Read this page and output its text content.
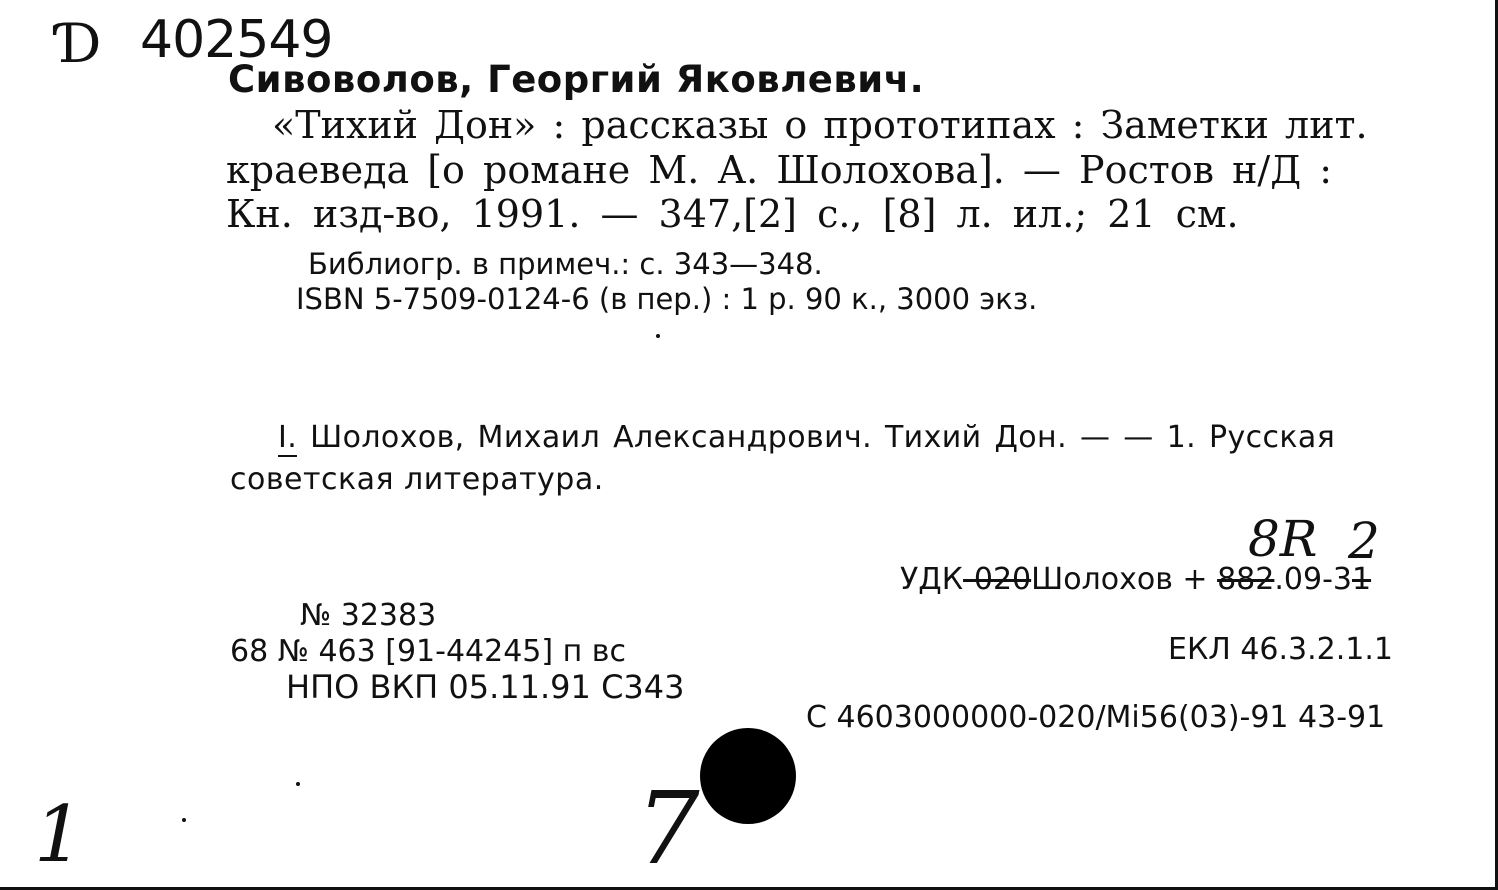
Ɗ 402549
Сивоволов, Георгий Яковлевич.
«Тихий Дон» : рассказы о прототипах : Заметки лит.
краеведа [о романе М. А. Шолохова]. — Ростов н/Д :
Кн. изд-во, 1991. — 347,[2] с., [8] л. ил.; 21 см.
Библиогр. в примеч.: с. 343—348.
ISBN 5-7509-0124-6 (в пер.) : 1 р. 90 к., 3000 экз.
I. Шолохов, Михаил Александрович. Тихий Дон. — — 1. Русская
советская литература.
8R 2
УДК-020Шолохов + 882.09-31
№ 32383
68 № 463 [91-44245] п вс	ЕКЛ 46.3.2.1.1
НПО ВКП 05.11.91 С343
С 4603000000-020/Мі56(03)-91 43-91
1	7
